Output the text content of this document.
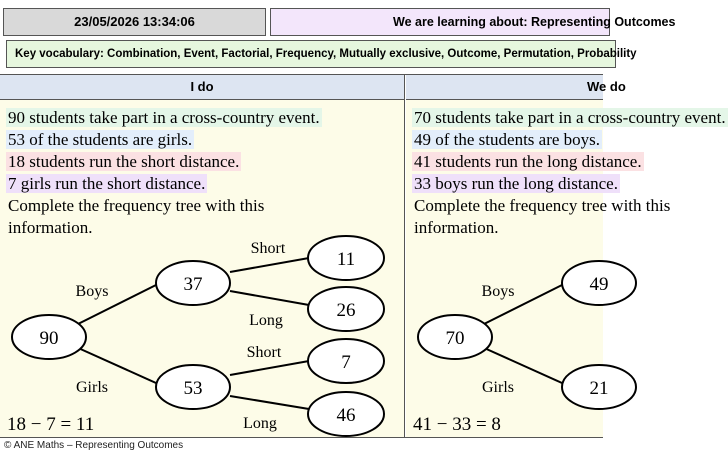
23/05/2026 13:34:06	We are learning about: Representing Outcomes
Key vocabulary: Combination, Event, Factorial, Frequency, Mutually exclusive, Outcome, Permutation, Probability
I do
90 students take part in a cross-country event.
53 of the students are girls.
18 students run the short distance.
7 girls run the short distance.
Complete the frequency tree with this
information.
90
37
53
11
26
7
46
Boys
Girls
Short
Long
Short
Long
18 − 7 = 11
We do
70 students take part in a cross-country event.
49 of the students are boys.
41 students run the long distance.
33 boys run the long distance.
Complete the frequency tree with this
information.
70
49
21
Boys
Girls
41 − 33 = 8
© ANE Maths – Representing Outcomes
